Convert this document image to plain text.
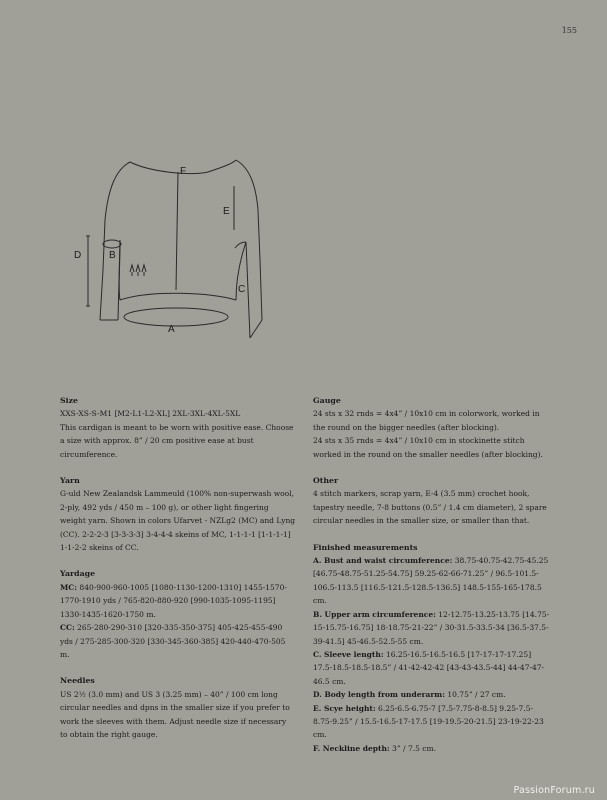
155
F
E
D	B
C
A

Size

XXS-XS-S-M1 [M2-L1-L2-XL] 2XL-3XL-4XL-5XL

This cardigan is meant to be worn with positive ease. Choose a size with approx. 8” / 20 cm positive ease at bust circumference.

Yarn

G-uld New Zealandsk Lammeuld (100% non-superwash wool, 2-ply, 492 yds / 450 m – 100 g), or other light fingering weight yarn. Shown in colors Ufarvet - NZLg2 (MC) and Lyng (CC). 2-2-2-3 [3-3-3-3] 3-4-4-4 skeins of MC, 1-1-1-1 [1-1-1-1] 1-1-2-2 skeins of CC.

Yardage

MC: 840-900-960-1005 [1080-1130-1200-1310] 1455-1570-1770-1910 yds / 765-820-880-920 [990-1035-1095-1195] 1330-1435-1620-1750 m.

CC: 265-280-290-310 [320-335-350-375] 405-425-455-490 yds / 275-285-300-320 [330-345-360-385] 420-440-470-505 m.

Needles

US 2½ (3.0 mm) and US 3 (3.25 mm) – 40” / 100 cm long circular needles and dpns in the smaller size if you prefer to work the sleeves with them. Adjust needle size if necessary to obtain the right gauge.

Gauge

24 sts x 32 rnds = 4x4” / 10x10 cm in colorwork, worked in the round on the bigger needles (after blocking).

24 sts x 35 rnds = 4x4” / 10x10 cm in stockinette stitch worked in the round on the smaller needles (after blocking).

Other

4 stitch markers, scrap yarn, E-4 (3.5 mm) crochet hook, tapestry needle, 7-8 buttons (0.5” / 1.4 cm diameter), 2 spare circular needles in the smaller size, or smaller than that.

Finished measurements

A. Bust and waist circumference: 38.75-40.75-42.75-45.25 [46.75-48.75-51.25-54.75] 59.25-62-66-71.25” / 96.5-101.5-106.5-113.5 [116.5-121.5-128.5-136.5] 148.5-155-165-178.5 cm.

B. Upper arm circumference: 12-12.75-13.25-13.75 [14.75-15-15.75-16.75] 18-18.75-21-22” / 30-31.5-33.5-34 [36.5-37.5-39-41.5] 45-46.5-52.5-55 cm.

C. Sleeve length: 16.25-16.5-16.5-16.5 [17-17-17-17.25] 17.5-18.5-18.5-18.5” / 41-42-42-42 [43-43-43.5-44] 44-47-47-46.5 cm.

D. Body length from underarm: 10.75” / 27 cm.

E. Scye height: 6.25-6.5-6.75-7 [7.5-7.75-8-8.5] 9.25-7.5-8.75-9.25” / 15.5-16.5-17-17.5 [19-19.5-20-21.5] 23-19-22-23 cm.

F. Neckline depth: 3” / 7.5 cm.

PassionForum.ru
